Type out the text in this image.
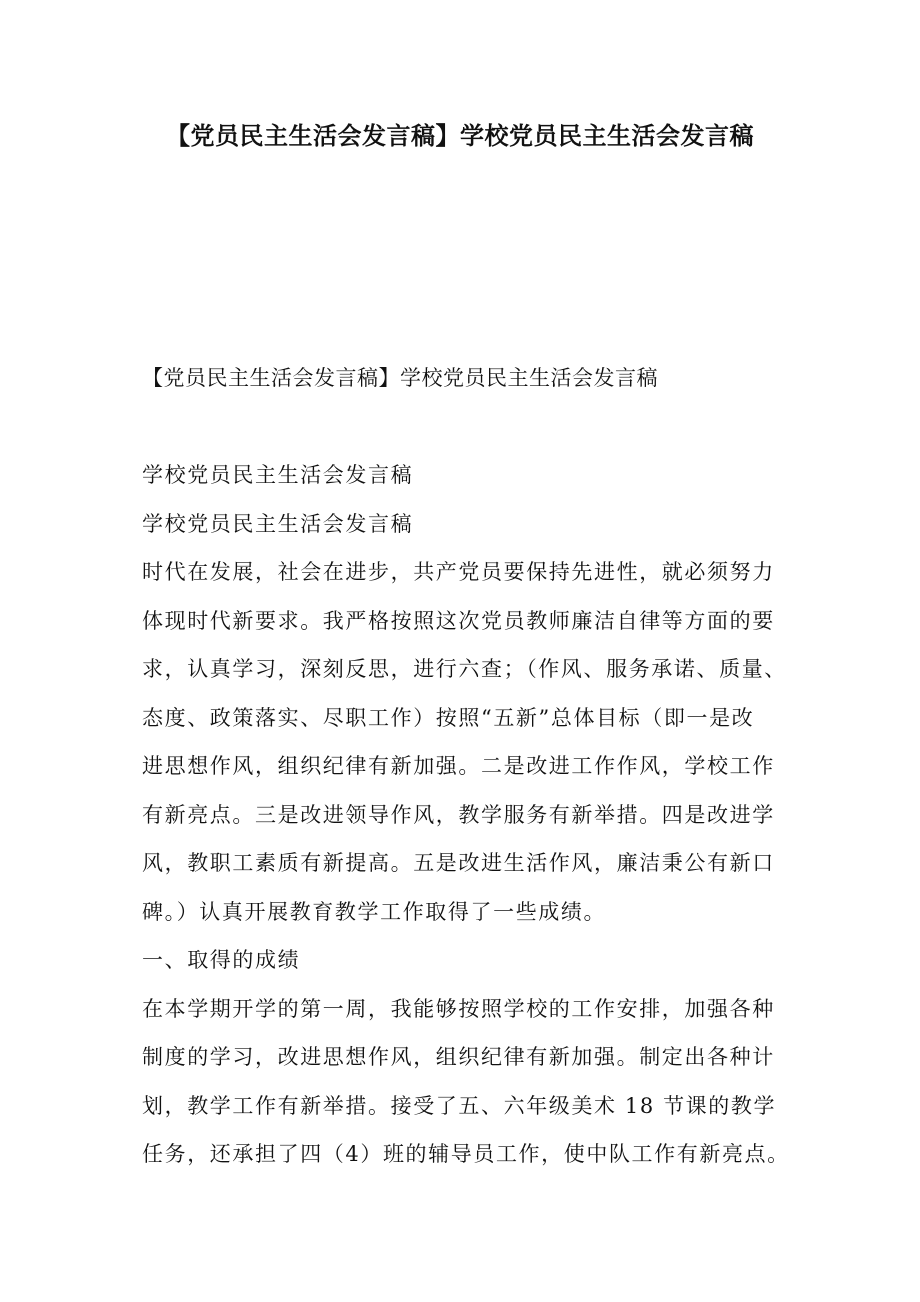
【党员民主生活会发言稿】学校党员民主生活会发言稿
【党员民主生活会发言稿】学校党员民主生活会发言稿
学校党员民主生活会发言稿
学校党员民主生活会发言稿
时代在发展，社会在进步，共产党员要保持先进性，就必须努力
体现时代新要求。我严格按照这次党员教师廉洁自律等方面的要
求，认真学习，深刻反思，进行六查；（作风、服务承诺、质量、
态度、政策落实、尽职工作）按照“五新”总体目标（即一是改
进思想作风，组织纪律有新加强。二是改进工作作风，学校工作
有新亮点。三是改进领导作风，教学服务有新举措。四是改进学
风，教职工素质有新提高。五是改进生活作风，廉洁秉公有新口
碑。）认真开展教育教学工作取得了一些成绩。
一、取得的成绩
在本学期开学的第一周，我能够按照学校的工作安排，加强各种
制度的学习，改进思想作风，组织纪律有新加强。制定出各种计
划，教学工作有新举措。接受了五、六年级美术 18 节课的教学
任务，还承担了四（4）班的辅导员工作，使中队工作有新亮点。
